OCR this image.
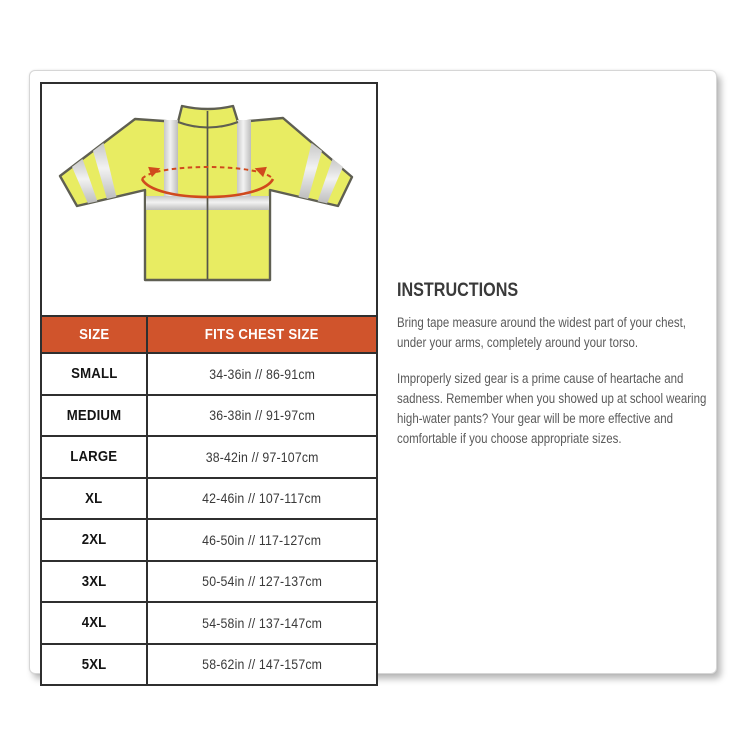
SIZE	FITS CHEST SIZE
SMALL	34-36in // 86-91cm
MEDIUM	36-38in // 91-97cm
LARGE	38-42in // 97-107cm
XL	42-46in // 107-117cm
2XL	46-50in // 117-127cm
3XL	50-54in // 127-137cm
4XL	54-58in // 137-147cm
5XL	58-62in // 147-157cm
INSTRUCTIONS

Bring tape measure around the widest part of your chest, under your arms, completely around your torso.

Improperly sized gear is a prime cause of heartache and sadness. Remember when you showed up at school wearing high-water pants? Your gear will be more effective and comfortable if you choose appropriate sizes.
